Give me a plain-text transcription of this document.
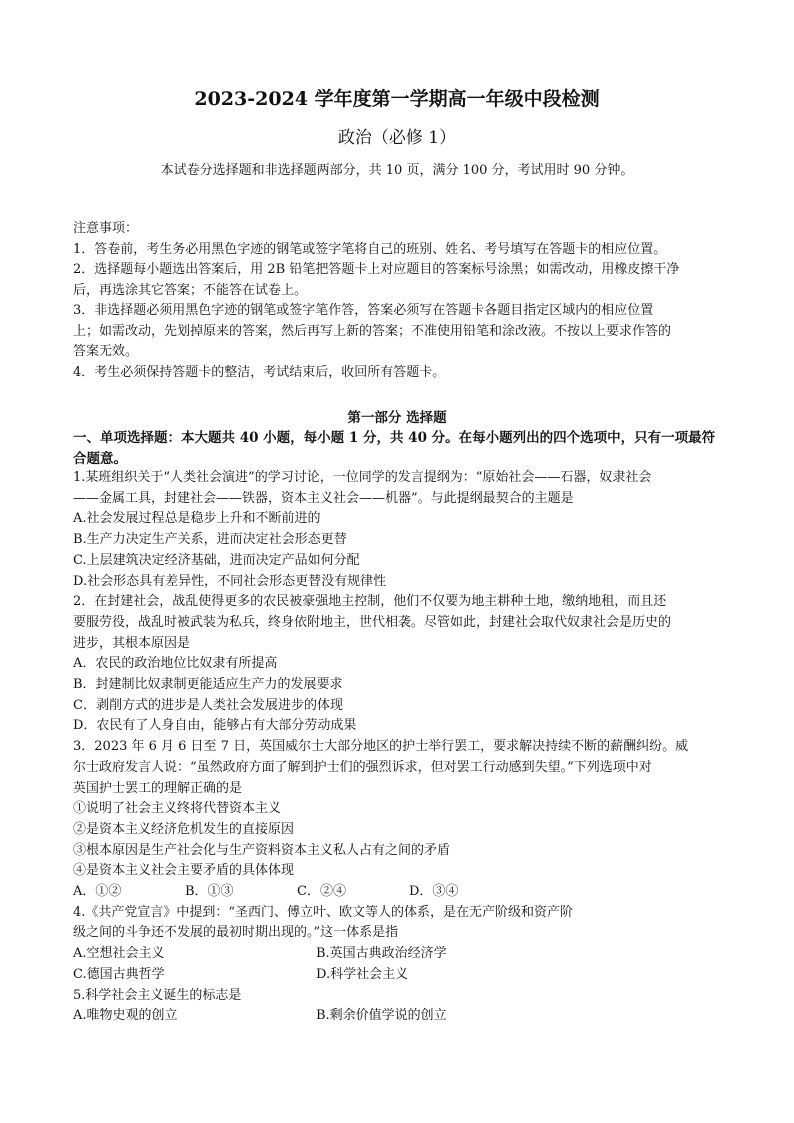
2023-2024 学年度第一学期高一年级中段检测
政治（必修 1）
本试卷分选择题和非选择题两部分，共 10 页，满分 100 分，考试用时 90 分钟。
注意事项：
1．答卷前，考生务必用黑色字迹的钢笔或签字笔将自己的班别、姓名、考号填写在答题卡的相应位置。
2．选择题每小题选出答案后，用 2B 铅笔把答题卡上对应题目的答案标号涂黑；如需改动，用橡皮擦干净
后，再选涂其它答案；不能答在试卷上。
3．非选择题必须用黑色字迹的钢笔或签字笔作答，答案必须写在答题卡各题目指定区域内的相应位置
上；如需改动，先划掉原来的答案，然后再写上新的答案；不准使用铅笔和涂改液。不按以上要求作答的
答案无效。
4．考生必须保持答题卡的整洁，考试结束后，收回所有答题卡。
第一部分 选择题
一、单项选择题：本大题共 40 小题，每小题 1 分，共 40 分。在每小题列出的四个选项中，只有一项最符
合题意。
1.某班组织关于“人类社会演进”的学习讨论，一位同学的发言提纲为：“原始社会——石器，奴隶社会
——金属工具，封建社会——铁器，资本主义社会——机器”。与此提纲最契合的主题是
A.社会发展过程总是稳步上升和不断前进的
B.生产力决定生产关系，进而决定社会形态更替
C.上层建筑决定经济基础，进而决定产品如何分配
D.社会形态具有差异性，不同社会形态更替没有规律性
2．在封建社会，战乱使得更多的农民被豪强地主控制，他们不仅要为地主耕种土地，缴纳地租，而且还
要服劳役，战乱时被武装为私兵，终身依附地主，世代相袭。尽管如此，封建社会取代奴隶社会是历史的
进步，其根本原因是
A．农民的政治地位比奴隶有所提高
B．封建制比奴隶制更能适应生产力的发展要求
C．剥削方式的进步是人类社会发展进步的体现
D．农民有了人身自由，能够占有大部分劳动成果
3．2023 年 6 月 6 日至 7 日，英国威尔士大部分地区的护士举行罢工，要求解决持续不断的薪酬纠纷。威
尔士政府发言人说：“虽然政府方面了解到护士们的强烈诉求，但对罢工行动感到失望。”下列选项中对
英国护士罢工的理解正确的是
①说明了社会主义终将代替资本主义
②是资本主义经济危机发生的直接原因
③根本原因是生产社会化与生产资料资本主义私人占有之间的矛盾
④是资本主义社会主要矛盾的具体体现
A．①②	B．①③	C．②④	D．③④
4.《共产党宣言》中提到：“圣西门、傅立叶、欧文等人的体系，是在无产阶级和资产阶
级之间的斗争还不发展的最初时期出现的。”这一体系是指
A.空想社会主义	B.英国古典政治经济学
C.德国古典哲学	D.科学社会主义
5.科学社会主义诞生的标志是
A.唯物史观的创立	B.剩余价值学说的创立
